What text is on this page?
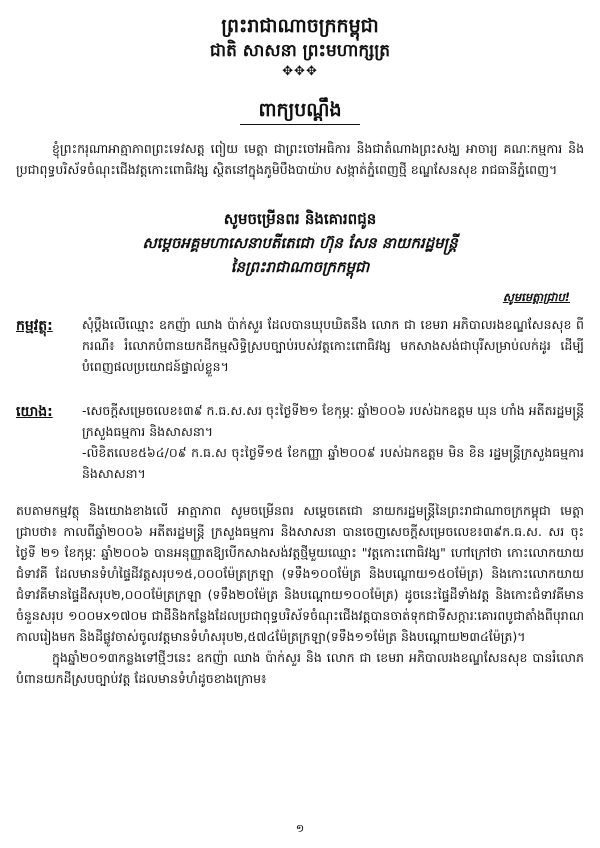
ព្រះរាជាណាចក្រកម្ពុជា
ជាតិ សាសនា ព្រះមហាក្សត្រ
✥✥✥
ពាក្យបណ្ដឹង

ខ្ញុំព្រះករុណាអាត្មាភាពព្រះទេវសត្ត ពៀយ មេត្តា ជាព្រះចៅអធិការ និងជាតំណាងព្រះសង្ឃ អាចារ្យ គណៈកម្មការ និងប្រជាពុទ្ធបរិស័ទចំណុះជើងវត្តកោះពោធិវង្ស ស្ថិតនៅក្នុងភូមិបឹងបាយ៉ាប សង្កាត់ភ្នំពេញថ្មី ខណ្ឌសែនសុខ រាជធានីភ្នំពេញ។

សូមចម្រើនពរ និងគោរពជូន
សម្ដេចអគ្គមហាសេនាបតីតេជោ ហ៊ុន សែន នាយករដ្ឋមន្ត្រី
នៃព្រះរាជាណាចក្រកម្ពុជា
សូមមេត្តាជ្រាប!
កម្មវត្ថុ: សុំប្តឹងលើឈ្មោះ ឧកញ៉ា ឈាង ប៉ាក់សួរ ដែលបានឃុបឃិតនឹង លោក ជា ខេមរា អភិបាលរងខណ្ឌសែនសុខ ពីករណី៖ រំលោភបំពានយកដីកម្មសិទ្ធិស្របច្បាប់របស់វត្តកោះពោធិវង្ស មកសាងសង់ជាបុរីសម្រាប់លក់ដូរ ដើម្បីបំពេញផលប្រយោជន៍ផ្ទាល់ខ្លួន។

យោង: -សេចក្តីសម្រេចលេខ៖៣៩ ក.ធ.ស.សរ ចុះថ្ងៃទី២១ ខែកុម្ភៈ ឆ្នាំ២០០៦ របស់ឯកឧត្តម ឃុន ហាំង អតីតរដ្ឋមន្ត្រី ក្រសួងធម្មការ និងសាសនា។

-លិខិតលេខ៥៦៤/០៩ ក.ធ.ស ចុះថ្ងៃទី១៥ ខែកញ្ញា ឆ្នាំ២០០៩ របស់ឯកឧត្តម មិន ខិន រដ្ឋមន្ត្រីក្រសួងធម្មការ និងសាសនា។

តបតាមកម្មវត្ថុ និងយោងខាងលើ អាត្មាភាព សូមចម្រើនពរ សម្តេចតេជោ នាយករដ្ឋមន្ត្រីនៃព្រះរាជាណាចក្រកម្ពុជា មេត្តាជ្រាបថា៖ កាលពីឆ្នាំ២០០៦ អតីតរដ្ឋមន្ត្រី ក្រសួងធម្មការ និងសាសនា បានចេញសេចក្តីសម្រេចលេខ៖៣៩ក.ធ.ស. សរ ចុះថ្ងៃទី ២១ ខែកុម្ភៈ ឆ្នាំ២០០៦ បានអនុញ្ញាតឱ្យបើកសាងសង់វត្តថ្មីមួយឈ្មោះ "វត្តកោះពោធិវង្ស" ហៅក្រៅថា កោះលោកយាយជំទាវគី ដែលមានទំហំផ្ទៃដីវត្តសរុប១៥,០០០ម៉ែត្រក្រឡា (ទទឹង១០០ម៉ែត្រ និងបណ្ដោយ១៥០ម៉ែត្រ) និងកោះលោកយាយជំទាវគីមានផ្ទៃដីសរុប២,០០០ម៉ែត្រក្រឡា (ទទឹង២០ម៉ែត្រ និងបណ្ដោយ១០០ម៉ែត្រ) ដូចនេះផ្ទៃដីទាំងវត្ត និងកោះជំទាវគីមានចំនួនសរុប ១០០មx១៧០ម ជាដីនិងកន្លែងដែលប្រជាពុទ្ធបរិស័ទចំណុះជើងវត្តបានចាត់ទុកជាទីសក្ការៈគោរពបូជាតាំងពីបុរាណកាលរៀងមក និងដីផ្លូវចាស់ចូលវត្តមានទំហំសរុប២,៥៧៤ម៉ែត្រក្រឡា(ទទឹង១១ម៉ែត្រ និងបណ្ដោយ២៣៤ម៉ែត្រ)។

ក្នុងឆ្នាំ២០១៣កន្លងទៅថ្មីៗនេះ ឧកញ៉ា ឈាង ប៉ាក់សួរ និង លោក ជា ខេមរា អភិបាលរងខណ្ឌសែនសុខ បានរំលោភបំពានយកដីស្របច្បាប់វត្ត ដែលមានទំហំដូចខាងក្រោម៖

១
